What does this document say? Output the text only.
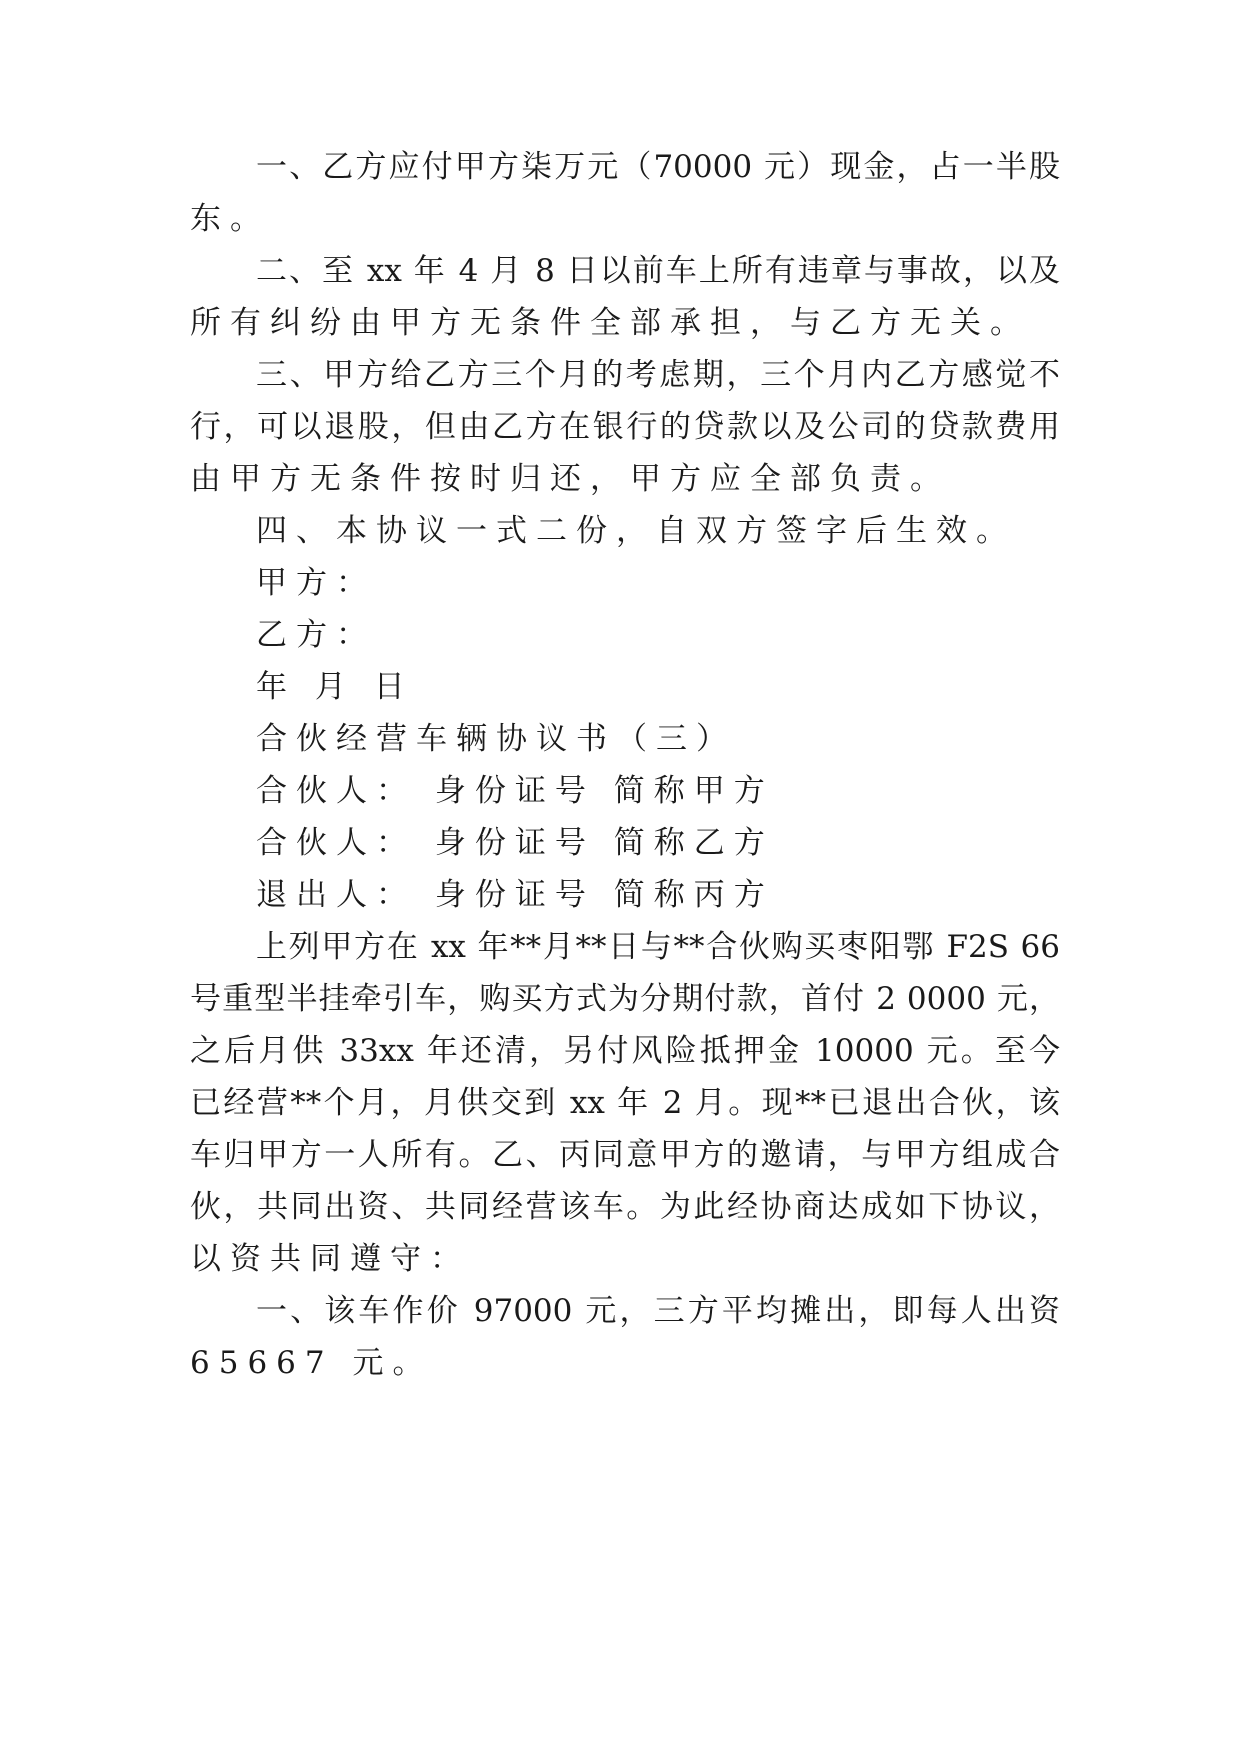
一、乙方应付甲方柒万元（70000 元）现金，占一半股
东。
二、至 xx 年 4 月 8 日以前车上所有违章与事故，以及
所有纠纷由甲方无条件全部承担，与乙方无关。
三、甲方给乙方三个月的考虑期，三个月内乙方感觉不
行，可以退股，但由乙方在银行的贷款以及公司的贷款费用
由甲方无条件按时归还，甲方应全部负责。
四、本协议一式二份，自双方签字后生效。
甲方：
乙方：
年 月 日
合伙经营车辆协议书（三）
合伙人： 身份证号 简称甲方
合伙人： 身份证号 简称乙方
退出人： 身份证号 简称丙方
上列甲方在 xx 年**月**日与**合伙购买枣阳鄂 F2S 66
号重型半挂牵引车，购买方式为分期付款，首付 2 0000 元，
之后月供 33xx 年还清，另付风险抵押金 10000 元。至今
已经营**个月，月供交到 xx 年 2 月。现**已退出合伙，该
车归甲方一人所有。乙、丙同意甲方的邀请，与甲方组成合
伙，共同出资、共同经营该车。为此经协商达成如下协议，
以资共同遵守：
一、该车作价 97000 元，三方平均摊出，即每人出资
65667 元。
